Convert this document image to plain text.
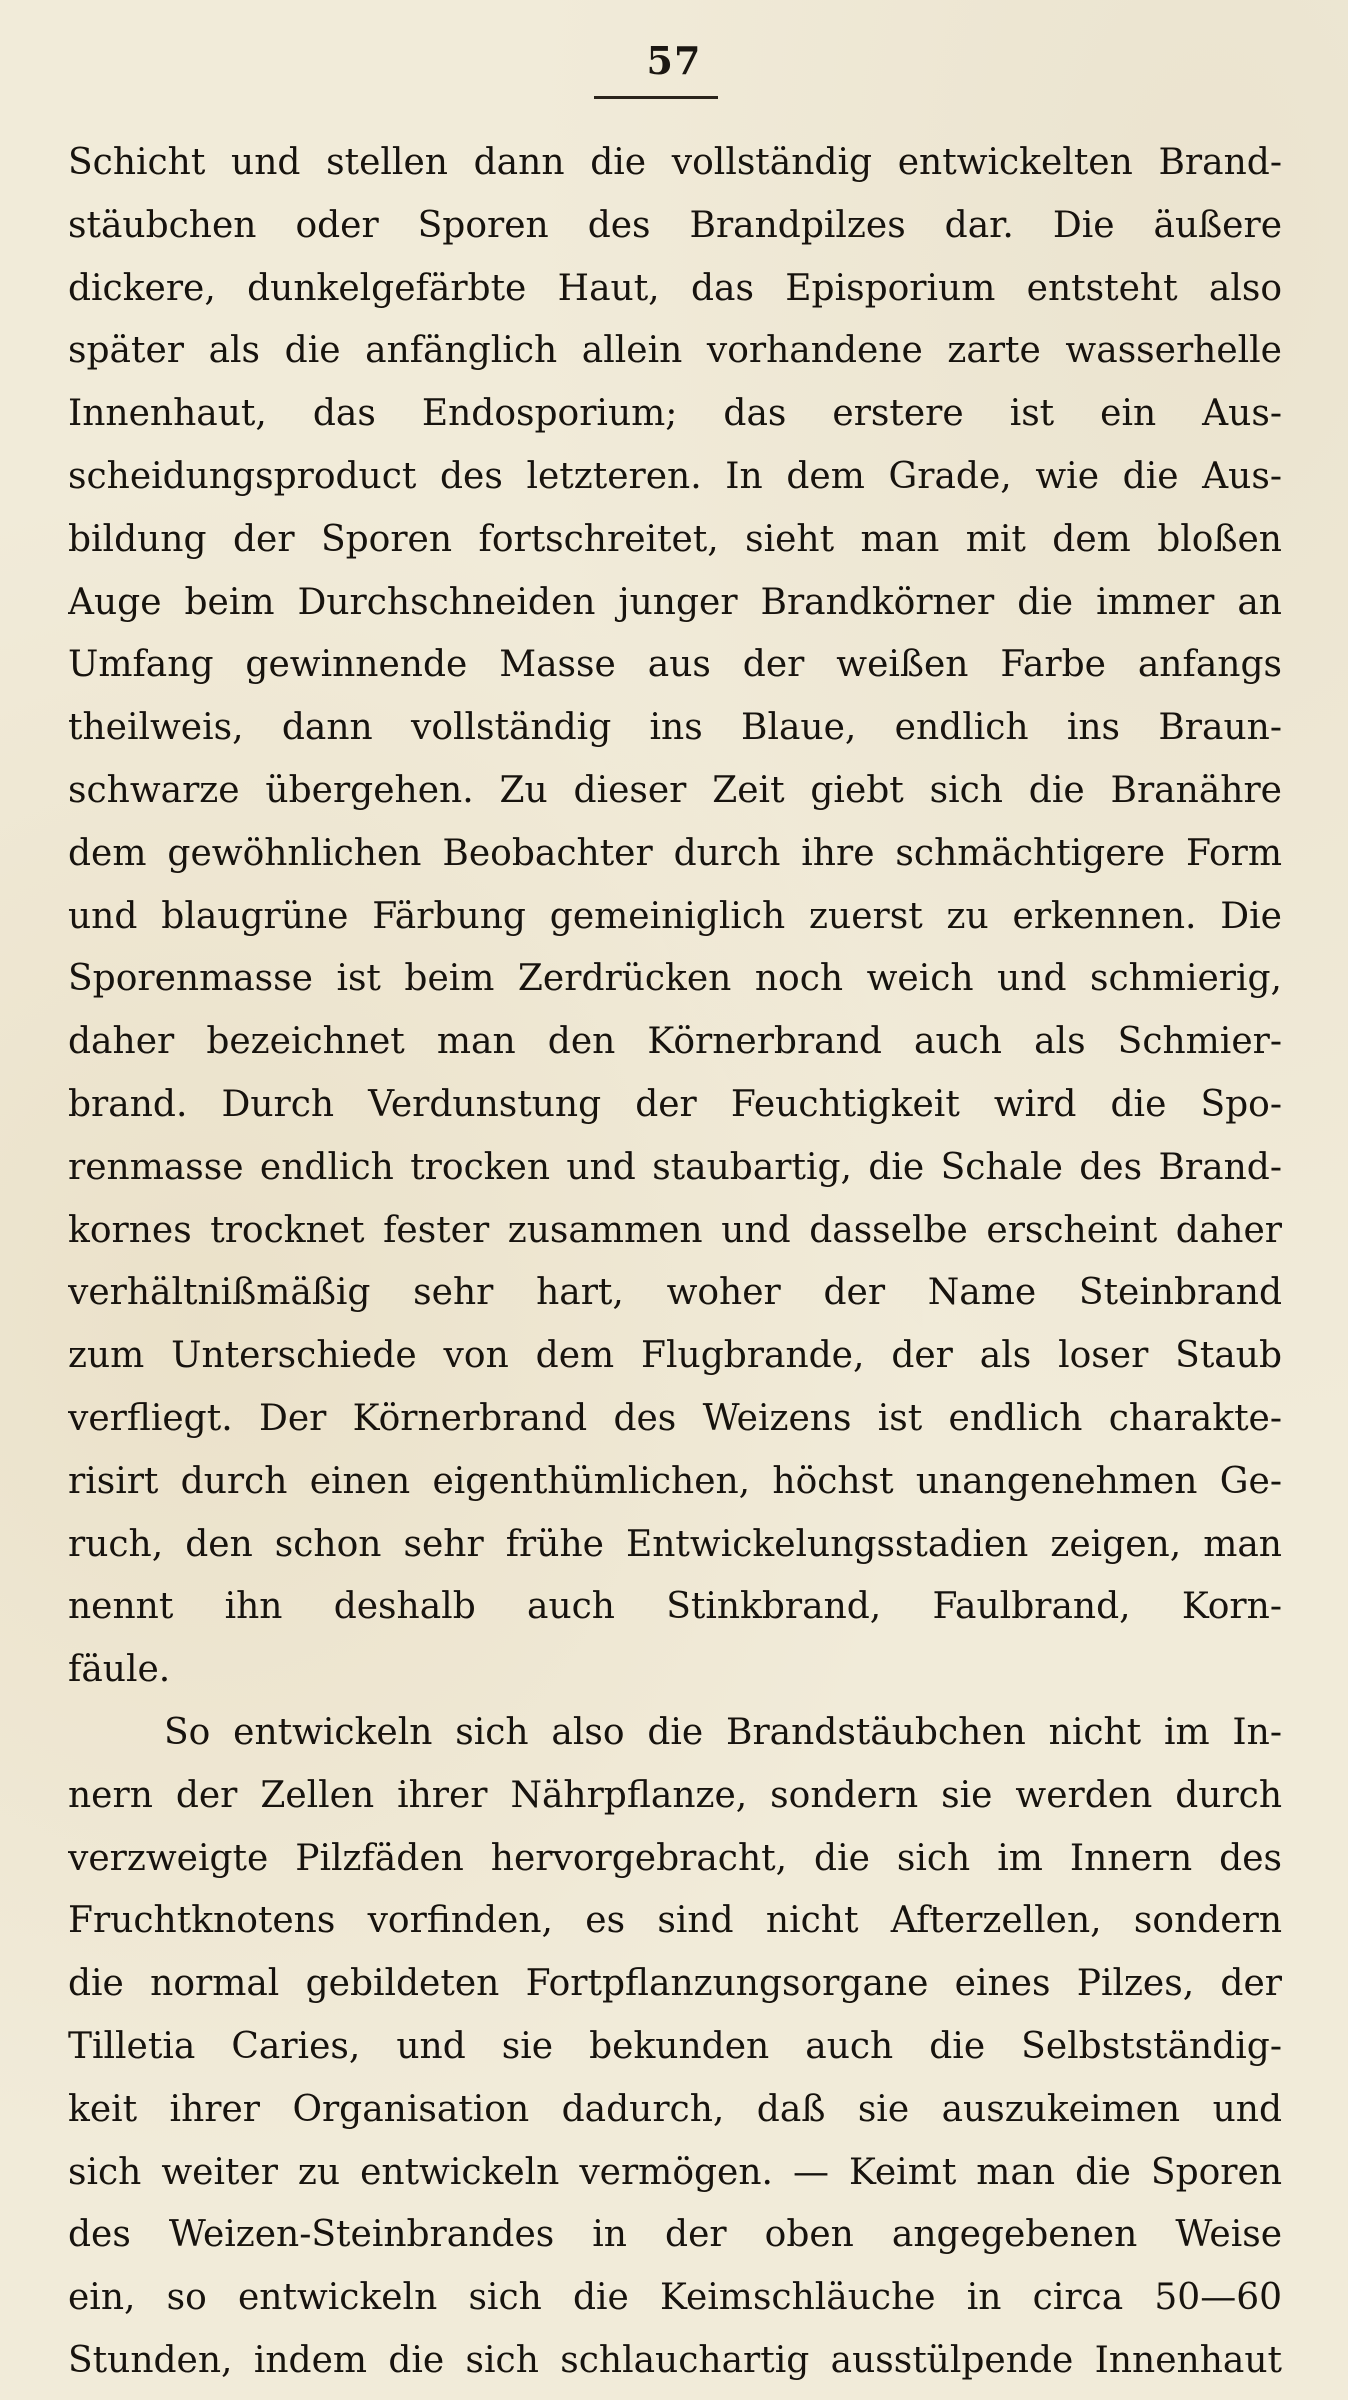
57
Schicht und stellen dann die vollständig entwickelten Brand-
stäubchen oder Sporen des Brandpilzes dar. Die äußere
dickere, dunkelgefärbte Haut, das Episporium entsteht also
später als die anfänglich allein vorhandene zarte wasserhelle
Innenhaut, das Endosporium; das erstere ist ein Aus-
scheidungsproduct des letzteren. In dem Grade, wie die Aus-
bildung der Sporen fortschreitet, sieht man mit dem bloßen
Auge beim Durchschneiden junger Brandkörner die immer an
Umfang gewinnende Masse aus der weißen Farbe anfangs
theilweis, dann vollständig ins Blaue, endlich ins Braun-
schwarze übergehen. Zu dieser Zeit giebt sich die Branähre
dem gewöhnlichen Beobachter durch ihre schmächtigere Form
und blaugrüne Färbung gemeiniglich zuerst zu erkennen. Die
Sporenmasse ist beim Zerdrücken noch weich und schmierig,
daher bezeichnet man den Körnerbrand auch als Schmier-
brand. Durch Verdunstung der Feuchtigkeit wird die Spo-
renmasse endlich trocken und staubartig, die Schale des Brand-
kornes trocknet fester zusammen und dasselbe erscheint daher
verhältnißmäßig sehr hart, woher der Name Steinbrand
zum Unterschiede von dem Flugbrande, der als loser Staub
verfliegt. Der Körnerbrand des Weizens ist endlich charakte-
risirt durch einen eigenthümlichen, höchst unangenehmen Ge-
ruch, den schon sehr frühe Entwickelungsstadien zeigen, man
nennt ihn deshalb auch Stinkbrand, Faulbrand, Korn-
fäule.
So entwickeln sich also die Brandstäubchen nicht im In-
nern der Zellen ihrer Nährpflanze, sondern sie werden durch
verzweigte Pilzfäden hervorgebracht, die sich im Innern des
Fruchtknotens vorfinden, es sind nicht Afterzellen, sondern
die normal gebildeten Fortpflanzungsorgane eines Pilzes, der
Tilletia Caries, und sie bekunden auch die Selbstständig-
keit ihrer Organisation dadurch, daß sie auszukeimen und
sich weiter zu entwickeln vermögen. — Keimt man die Sporen
des Weizen-Steinbrandes in der oben angegebenen Weise
ein, so entwickeln sich die Keimschläuche in circa 50—60
Stunden, indem die sich schlauchartig ausstülpende Innenhaut
